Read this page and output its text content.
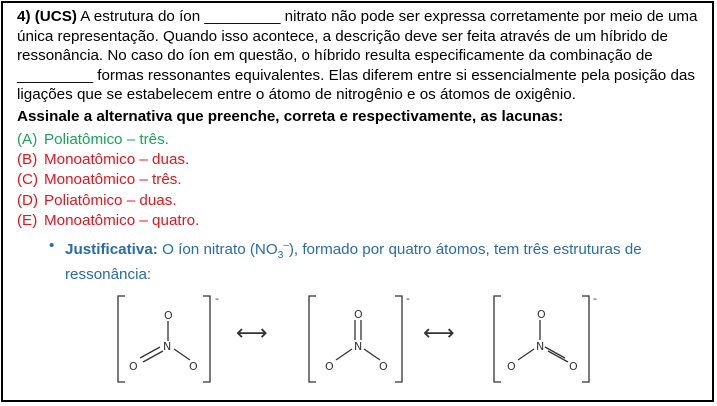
4) (UCS) A estrutura do íon _________ nitrato não pode ser expressa corretamente por meio de uma única representação. Quando isso acontece, a descrição deve ser feita através de um híbrido de ressonância. No caso do íon em questão, o híbrido resulta especificamente da combinação de _________ formas ressonantes equivalentes. Elas diferem entre si essencialmente pela posição das ligações que se estabelecem entre o átomo de nitrogênio e os átomos de oxigênio.

Assinale a alternativa que preenche, correta e respectivamente, as lacunas:

(A) Poliatômico – três.

(B) Monoatômico – duas.

(C) Monoatômico – três.

(D) Poliatômico – duas.

(E) Monoatômico – quatro.

• Justificativa: O íon nitrato $(NO_3^-)$, formado por quatro átomos, tem três estruturas de ressonância:
O
N
O	O
-
O
N
O	O
-
O
N
O	O
-
⟷	⟷
